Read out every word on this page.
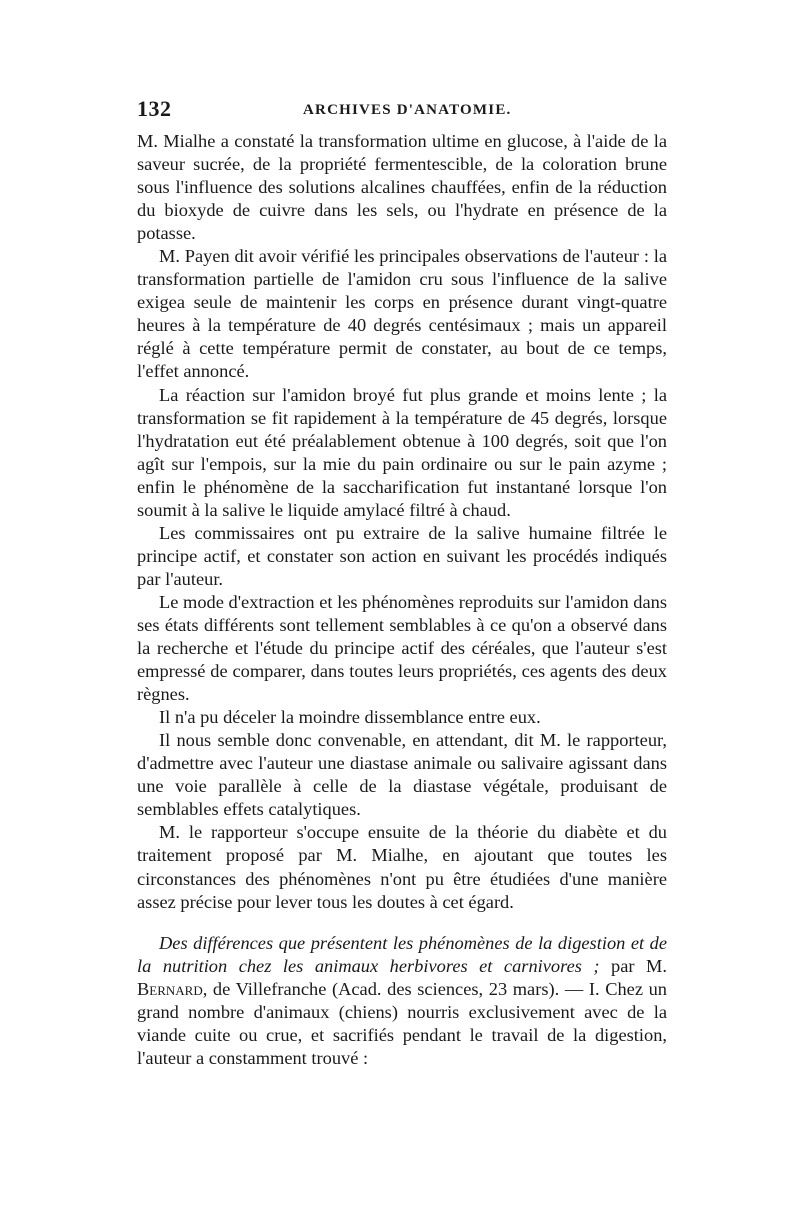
132	ARCHIVES D'ANATOMIE.

M. Mialhe a constaté la transformation ultime en glucose, à l'aide de la saveur sucrée, de la propriété fermentescible, de la coloration brune sous l'influence des solutions alcalines chauffées, enfin de la réduction du bioxyde de cuivre dans les sels, ou l'hydrate en présence de la potasse.

M. Payen dit avoir vérifié les principales observations de l'auteur : la transformation partielle de l'amidon cru sous l'influence de la salive exigea seule de maintenir les corps en présence durant vingt-quatre heures à la température de 40 degrés centésimaux ; mais un appareil réglé à cette température permit de constater, au bout de ce temps, l'effet annoncé.

La réaction sur l'amidon broyé fut plus grande et moins lente ; la transformation se fit rapidement à la température de 45 degrés, lorsque l'hydratation eut été préalablement obtenue à 100 degrés, soit que l'on agît sur l'empois, sur la mie du pain ordinaire ou sur le pain azyme ; enfin le phénomène de la saccharification fut instantané lorsque l'on soumit à la salive le liquide amylacé filtré à chaud.

Les commissaires ont pu extraire de la salive humaine filtrée le principe actif, et constater son action en suivant les procédés indiqués par l'auteur.

Le mode d'extraction et les phénomènes reproduits sur l'amidon dans ses états différents sont tellement semblables à ce qu'on a observé dans la recherche et l'étude du principe actif des céréales, que l'auteur s'est empressé de comparer, dans toutes leurs propriétés, ces agents des deux règnes.

Il n'a pu déceler la moindre dissemblance entre eux.

Il nous semble donc convenable, en attendant, dit M. le rapporteur, d'admettre avec l'auteur une diastase animale ou salivaire agissant dans une voie parallèle à celle de la diastase végétale, produisant de semblables effets catalytiques.

M. le rapporteur s'occupe ensuite de la théorie du diabète et du traitement proposé par M. Mialhe, en ajoutant que toutes les circonstances des phénomènes n'ont pu être étudiées d'une manière assez précise pour lever tous les doutes à cet égard.

Des différences que présentent les phénomènes de la digestion et de la nutrition chez les animaux herbivores et carnivores ; par M. Bernard, de Villefranche (Acad. des sciences, 23 mars). — I. Chez un grand nombre d'animaux (chiens) nourris exclusivement avec de la viande cuite ou crue, et sacrifiés pendant le travail de la digestion, l'auteur a constamment trouvé :
